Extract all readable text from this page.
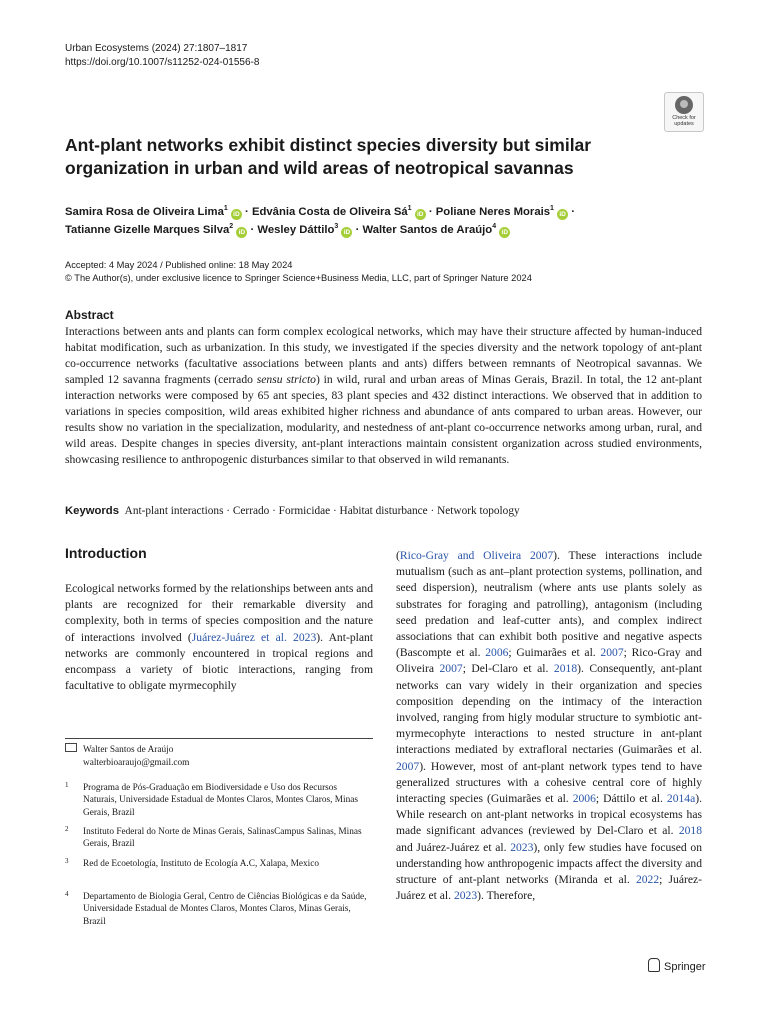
Urban Ecosystems (2024) 27:1807–1817
https://doi.org/10.1007/s11252-024-01556-8
Check for updates
Ant-plant networks exhibit distinct species diversity but similar organization in urban and wild areas of neotropical savannas
Samira Rosa de Oliveira Lima$^1$ iD · Edvânia Costa de Oliveira $Sá^1$ iD · Poliane Neres Morais$^1$ iD ·
Tatianne Gizelle Marques Silva$^2$ iD · Wesley Dáttilo$^3$ iD · Walter Santos de Araújo$^4$ iD
Accepted: 4 May 2024 / Published online: 18 May 2024
© The Author(s), under exclusive licence to Springer Science+Business Media, LLC, part of Springer Nature 2024
Abstract
Interactions between ants and plants can form complex ecological networks, which may have their structure affected by human-induced habitat modification, such as urbanization. In this study, we investigated if the species diversity and the network topology of ant-plant co-occurrence networks (facultative associations between plants and ants) differs between remnants of Neotropical savannas. We sampled 12 savanna fragments (cerrado sensu stricto) in wild, rural and urban areas of Minas Gerais, Brazil. In total, the 12 ant-plant interaction networks were composed by 65 ant species, 83 plant species and 432 distinct interactions. We observed that in addition to variations in species composition, wild areas exhibited higher richness and abundance of ants compared to urban areas. However, our results show no variation in the specialization, modularity, and nestedness of ant-plant co-occurrence networks among urban, rural, and wild areas. Despite changes in species diversity, ant-plant interactions maintain consistent organization across studied environments, showcasing resilience to anthropogenic disturbances similar to that observed in wild remanants.
Keywords Ant-plant interactions · Cerrado · Formicidae · Habitat disturbance · Network topology
Introduction
Ecological networks formed by the relationships between ants and plants are recognized for their remarkable diversity and complexity, both in terms of species composition and the nature of interactions involved (Juárez-Juárez et al. 2023). Ant-plant networks are commonly encountered in tropical regions and encompass a variety of biotic interactions, ranging from facultative to obligate myrmecophily
(Rico-Gray and Oliveira 2007). These interactions include mutualism (such as ant–plant protection systems, pollination, and seed dispersion), neutralism (where ants use plants solely as substrates for foraging and patrolling), antagonism (including seed predation and leaf-cutter ants), and complex indirect associations that can exhibit both positive and negative aspects (Bascompte et al. 2006; Guimarães et al. 2007; Rico-Gray and Oliveira 2007; Del-Claro et al. 2018). Consequently, ant-plant networks can vary widely in their organization and species composition depending on the intimacy of the interaction involved, ranging from higly modular structure to symbiotic ant-myrmecophyte interactions to nested structure in ant-plant interactions mediated by extrafloral nectaries (Guimarães et al. 2007). However, most of ant-plant network types tend to have generalized structures with a cohesive central core of highly interacting species (Guimarães et al. 2006; Dáttilo et al. 2014a). While research on ant-plant networks in tropical ecosystems has made significant advances (reviewed by Del-Claro et al. 2018 and Juárez-Juárez et al. 2023), only few studies have focused on understanding how anthropogenic impacts affect the diversity and structure of ant-plant networks (Miranda et al. 2022; Juárez-Juárez et al. 2023). Therefore,
Walter Santos de Araújo
walterbioaraujo@gmail.com
1 Programa de Pós-Graduação em Biodiversidade e Uso dos Recursos Naturais, Universidade Estadual de Montes Claros, Montes Claros, Minas Gerais, Brazil
2 Instituto Federal do Norte de Minas Gerais, SalinasCampus Salinas, Minas Gerais, Brazil
3 Red de Ecoetología, Instituto de Ecología A.C, Xalapa, Mexico
4 Departamento de Biologia Geral, Centro de Ciências Biológicas e da Saúde, Universidade Estadual de Montes Claros, Montes Claros, Minas Gerais, Brazil
Springer
